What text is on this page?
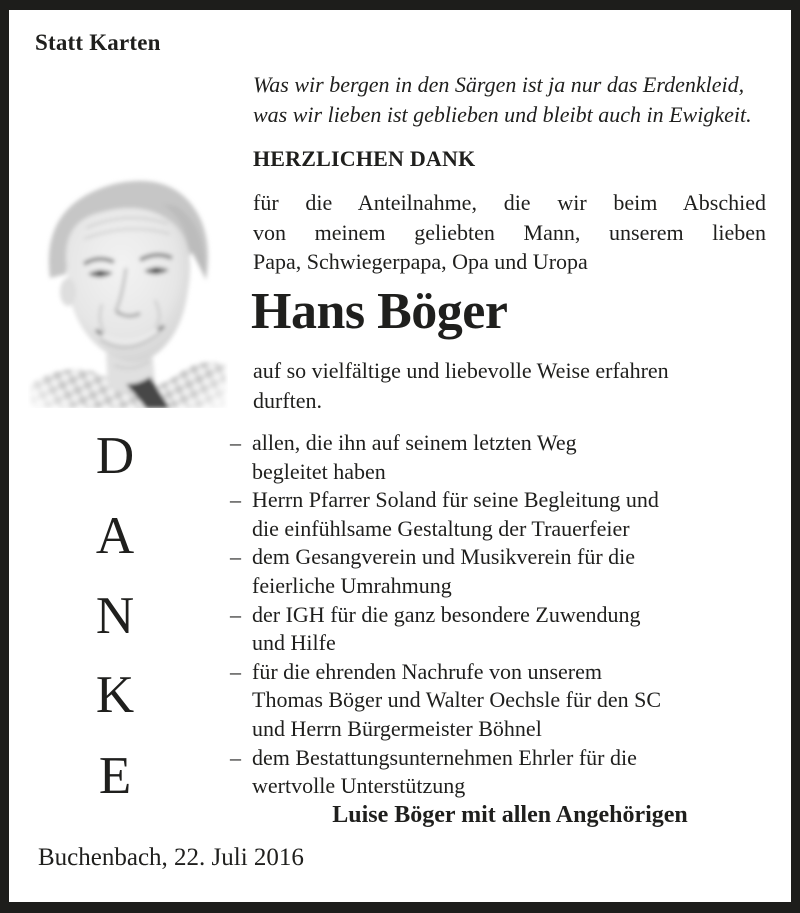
Statt Karten
Was wir bergen in den Särgen ist ja nur das Erdenkleid,
was wir lieben ist geblieben und bleibt auch in Ewigkeit.
HERZLICHEN DANK
für die Anteilnahme, die wir beim Abschied
von meinem geliebten Mann, unserem lieben
Papa, Schwiegerpapa, Opa und Uropa
Hans Böger
auf so vielfältige und liebevolle Weise erfahren
durften.
D
A
N
K
E
– allen, die ihn auf seinem letzten Weg
begleitet haben
– Herrn Pfarrer Soland für seine Begleitung und
die einfühlsame Gestaltung der Trauerfeier
– dem Gesangverein und Musikverein für die
feierliche Umrahmung
– der IGH für die ganz besondere Zuwendung
und Hilfe
– für die ehrenden Nachrufe von unserem
Thomas Böger und Walter Oechsle für den SC
und Herrn Bürgermeister Böhnel
– dem Bestattungsunternehmen Ehrler für die
wertvolle Unterstützung
Luise Böger mit allen Angehörigen
Buchenbach, 22. Juli 2016
